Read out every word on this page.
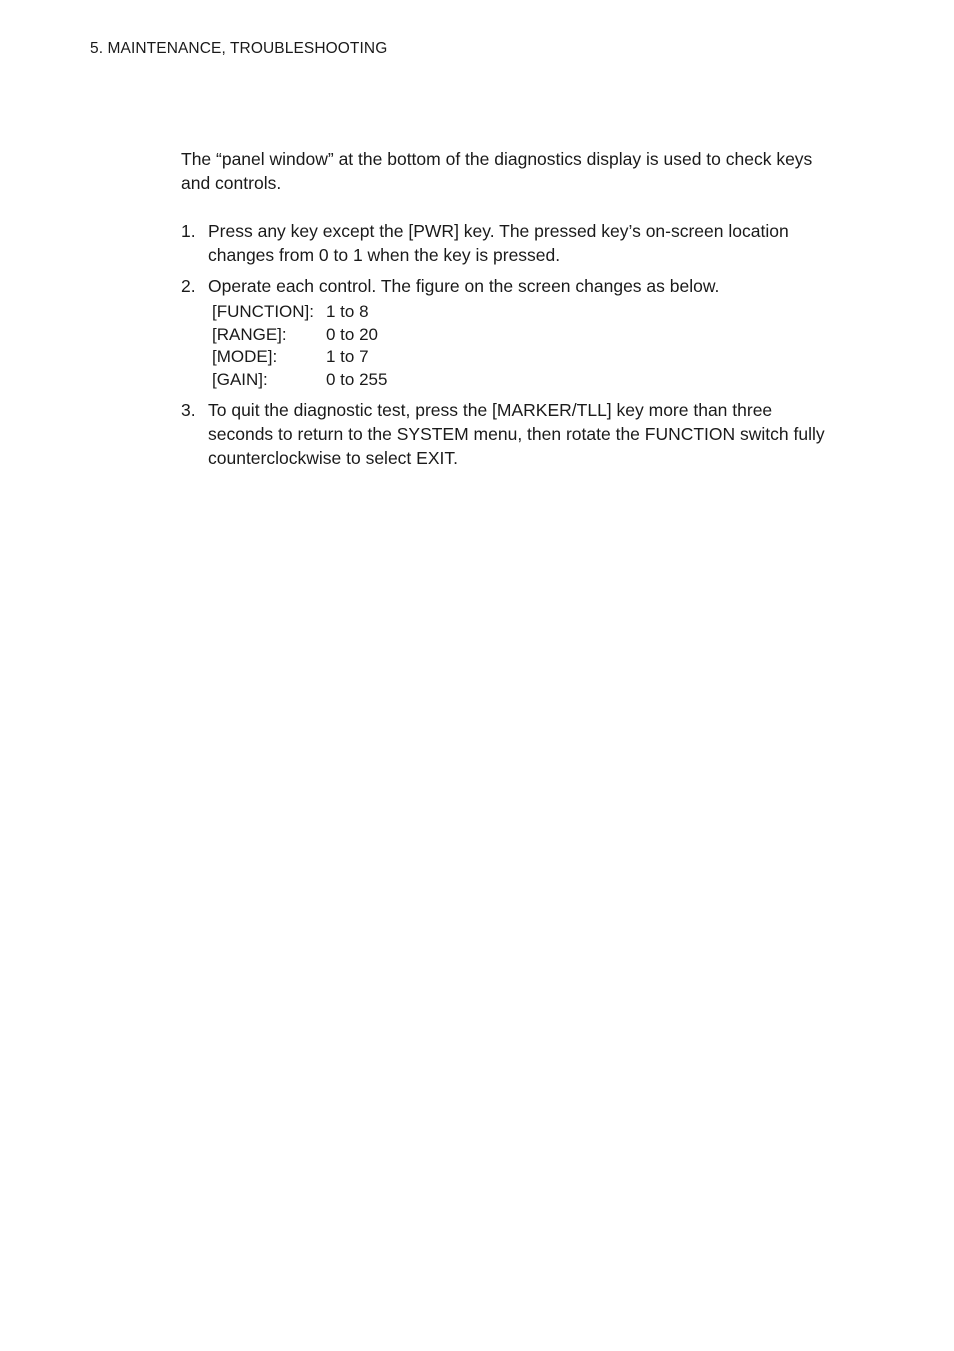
5. MAINTENANCE, TROUBLESHOOTING

The “panel window” at the bottom of the diagnostics display is used to check keys and controls.

1. Press any key except the [PWR] key. The pressed key’s on-screen location changes from 0 to 1 when the key is pressed.
2. Operate each control. The figure on the screen changes as below.
[FUNCTION]: 1 to 8
[RANGE]:	0 to 20
[MODE]:	1 to 7
[GAIN]:	0 to 255
3. To quit the diagnostic test, press the [MARKER/TLL] key more than three seconds to return to the SYSTEM menu, then rotate the FUNCTION switch fully counterclockwise to select EXIT.
